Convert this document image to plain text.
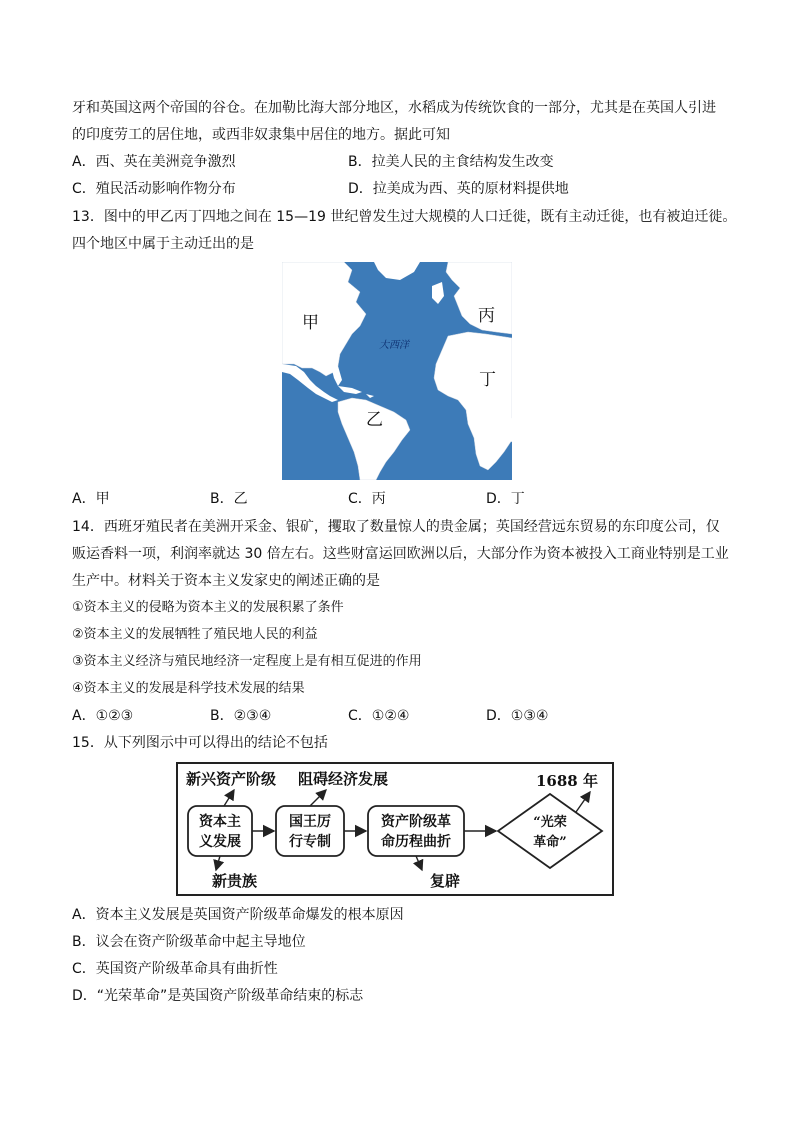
牙和英国这两个帝国的谷仓。在加勒比海大部分地区，水稻成为传统饮食的一部分，尤其是在英国人引进
的印度劳工的居住地，或西非奴隶集中居住的地方。据此可知
A．西、英在美洲竞争激烈	B．拉美人民的主食结构发生改变
C．殖民活动影响作物分布	D．拉美成为西、英的原材料提供地
13．图中的甲乙丙丁四地之间在 15—19 世纪曾发生过大规模的人口迁徙，既有主动迁徙，也有被迫迁徙。
四个地区中属于主动迁出的是
大西洋
甲
乙
丙
丁
A．甲	B．乙	C．丙	D．丁
14．西班牙殖民者在美洲开采金、银矿，攫取了数量惊人的贵金属；英国经营远东贸易的东印度公司，仅
贩运香料一项，利润率就达 30 倍左右。这些财富运回欧洲以后，大部分作为资本被投入工商业特别是工业
生产中。材料关于资本主义发家史的阐述正确的是
①资本主义的侵略为资本主义的发展积累了条件
②资本主义的发展牺牲了殖民地人民的利益
③资本主义经济与殖民地经济一定程度上是有相互促进的作用
④资本主义的发展是科学技术发展的结果
A．①②③	B．②③④	C．①②④	D．①③④
15．从下列图示中可以得出的结论不包括
新兴资产阶级 阻碍经济发展	1688 年
资本主
义发展
国王厉
行专制
资产阶级革
命历程曲折
“光荣
革命”
新贵族	复辟
A．资本主义发展是英国资产阶级革命爆发的根本原因
B．议会在资产阶级革命中起主导地位
C．英国资产阶级革命具有曲折性
D．“光荣革命”是英国资产阶级革命结束的标志
